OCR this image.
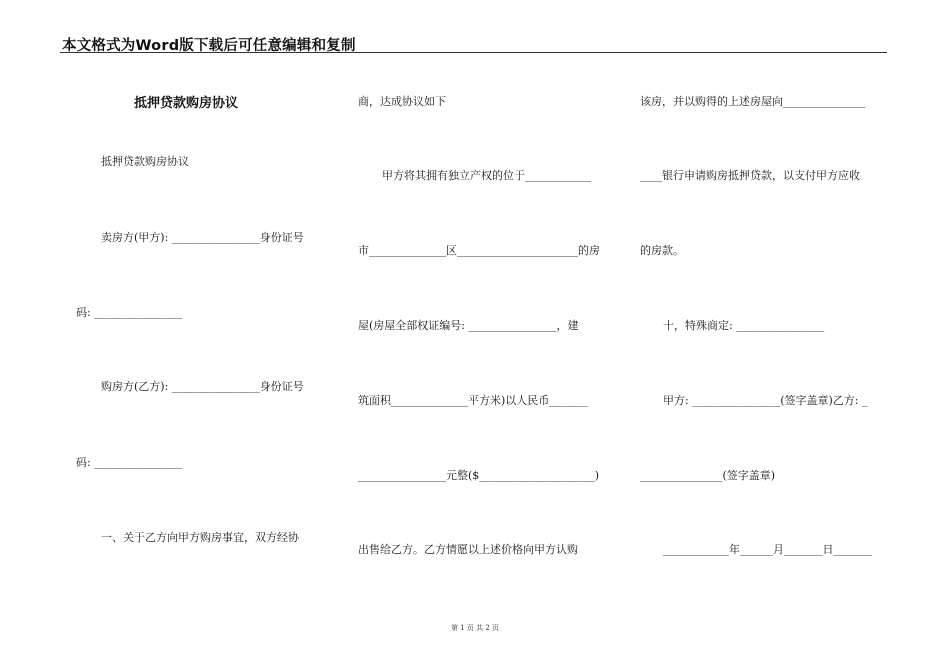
本文格式为Word版下载后可任意编辑和复制
抵押贷款购房协议
抵押贷款购房协议
卖房方(甲方): ________________身份证号
码: ________________
购房方(乙方): ________________身份证号
码: ________________
一、关于乙方向甲方购房事宜，双方经协
商，达成协议如下
甲方将其拥有独立产权的位于____________
市______________区______________________的房
屋(房屋全部权证编号: ________________，建
筑面积______________平方米)以人民币_______
________________元整($_____________________)
出售给乙方。乙方情愿以上述价格向甲方认购
该房，并以购得的上述房屋向_______________
____银行申请购房抵押贷款，以支付甲方应收
的房款。
十，特殊商定: ________________
甲方: ________________(签字盖章)乙方: _
_______________(签字盖章)
____________年______月_______日_______
第 1 页 共 2 页
